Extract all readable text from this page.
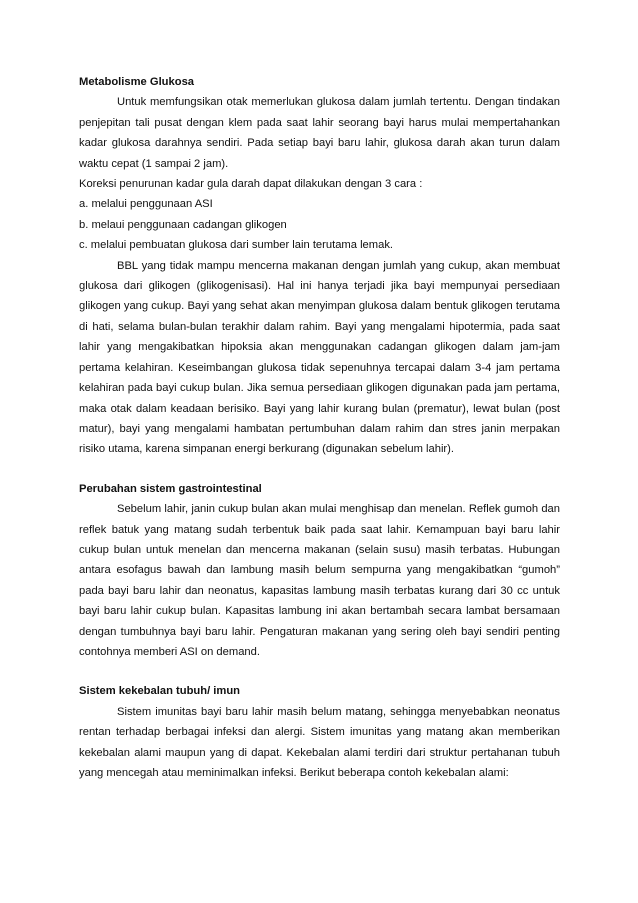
Metabolisme Glukosa

Untuk memfungsikan otak memerlukan glukosa dalam jumlah tertentu. Dengan tindakan penjepitan tali pusat dengan klem pada saat lahir seorang bayi harus mulai mempertahankan kadar glukosa darahnya sendiri. Pada setiap bayi baru lahir, glukosa darah akan turun dalam waktu cepat (1 sampai 2 jam).

Koreksi penurunan kadar gula darah dapat dilakukan dengan 3 cara :

a. melalui penggunaan ASI

b. melaui penggunaan cadangan glikogen

c. melalui pembuatan glukosa dari sumber lain terutama lemak.

BBL yang tidak mampu mencerna makanan dengan jumlah yang cukup, akan membuat glukosa dari glikogen (glikogenisasi). Hal ini hanya terjadi jika bayi mempunyai persediaan glikogen yang cukup. Bayi yang sehat akan menyimpan glukosa dalam bentuk glikogen terutama di hati, selama bulan-bulan terakhir dalam rahim. Bayi yang mengalami hipotermia, pada saat lahir yang mengakibatkan hipoksia akan menggunakan cadangan glikogen dalam jam-jam pertama kelahiran. Keseimbangan glukosa tidak sepenuhnya tercapai dalam 3-4 jam pertama kelahiran pada bayi cukup bulan. Jika semua persediaan glikogen digunakan pada jam pertama, maka otak dalam keadaan berisiko. Bayi yang lahir kurang bulan (prematur), lewat bulan (post matur), bayi yang mengalami hambatan pertumbuhan dalam rahim dan stres janin merpakan risiko utama, karena simpanan energi berkurang (digunakan sebelum lahir).

Perubahan sistem gastrointestinal

Sebelum lahir, janin cukup bulan akan mulai menghisap dan menelan. Reflek gumoh dan reflek batuk yang matang sudah terbentuk baik pada saat lahir. Kemampuan bayi baru lahir cukup bulan untuk menelan dan mencerna makanan (selain susu) masih terbatas. Hubungan antara esofagus bawah dan lambung masih belum sempurna yang mengakibatkan “gumoh” pada bayi baru lahir dan neonatus, kapasitas lambung masih terbatas kurang dari 30 cc untuk bayi baru lahir cukup bulan. Kapasitas lambung ini akan bertambah secara lambat bersamaan dengan tumbuhnya bayi baru lahir. Pengaturan makanan yang sering oleh bayi sendiri penting contohnya memberi ASI on demand.

Sistem kekebalan tubuh/ imun

Sistem imunitas bayi baru lahir masih belum matang, sehingga menyebabkan neonatus rentan terhadap berbagai infeksi dan alergi. Sistem imunitas yang matang akan memberikan kekebalan alami maupun yang di dapat. Kekebalan alami terdiri dari struktur pertahanan tubuh yang mencegah atau meminimalkan infeksi. Berikut beberapa contoh kekebalan alami:
